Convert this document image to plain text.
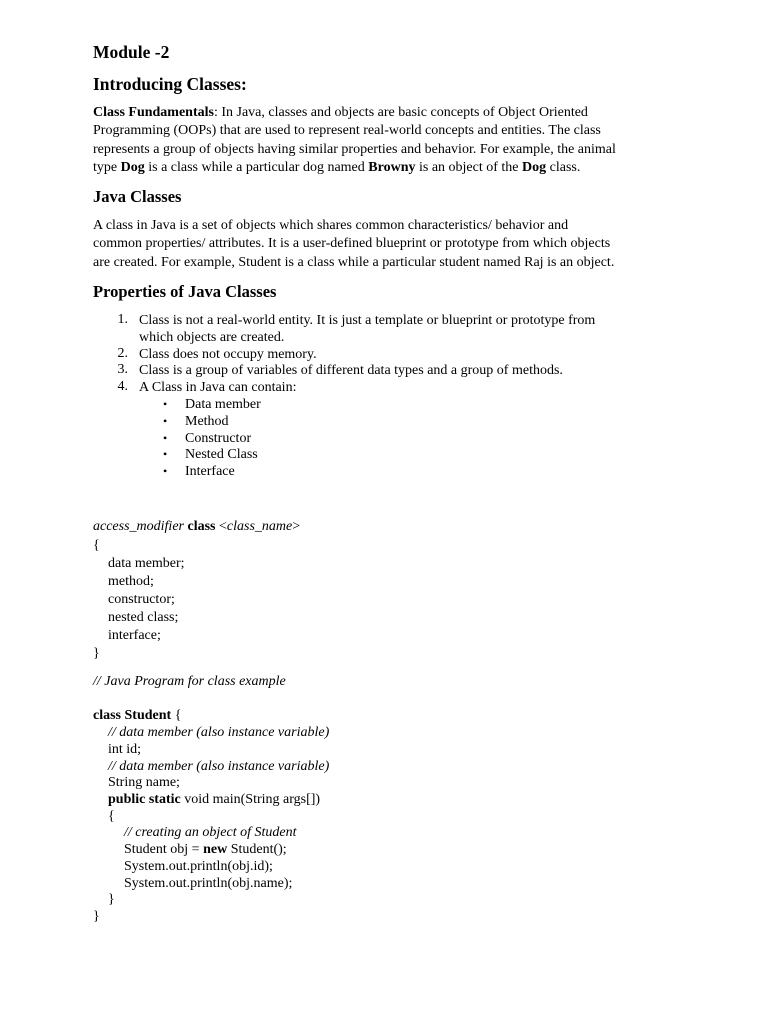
Module -2
Introducing Classes:
Class Fundamentals: In Java, classes and objects are basic concepts of Object Oriented
Programming (OOPs) that are used to represent real-world concepts and entities. The class
represents a group of objects having similar properties and behavior. For example, the animal
type Dog is a class while a particular dog named Browny is an object of the Dog class.
Java Classes
A class in Java is a set of objects which shares common characteristics/ behavior and
common properties/ attributes. It is a user-defined blueprint or prototype from which objects
are created. For example, Student is a class while a particular student named Raj is an object.
Properties of Java Classes
1. Class is not a real-world entity. It is just a template or blueprint or prototype from
which objects are created.
2. Class does not occupy memory.
3. Class is a group of variables of different data types and a group of methods.
4. A Class in Java can contain:
• Data member
• Method
• Constructor
• Nested Class
• Interface
access_modifier class <class_name>
{
data member;
method;
constructor;
nested class;
interface;
}
// Java Program for class example
class Student {
// data member (also instance variable)
int id;
// data member (also instance variable)
String name;
public static void main(String args[])
{
// creating an object of Student
Student obj = new Student();
System.out.println(obj.id);
System.out.println(obj.name);
}
}
